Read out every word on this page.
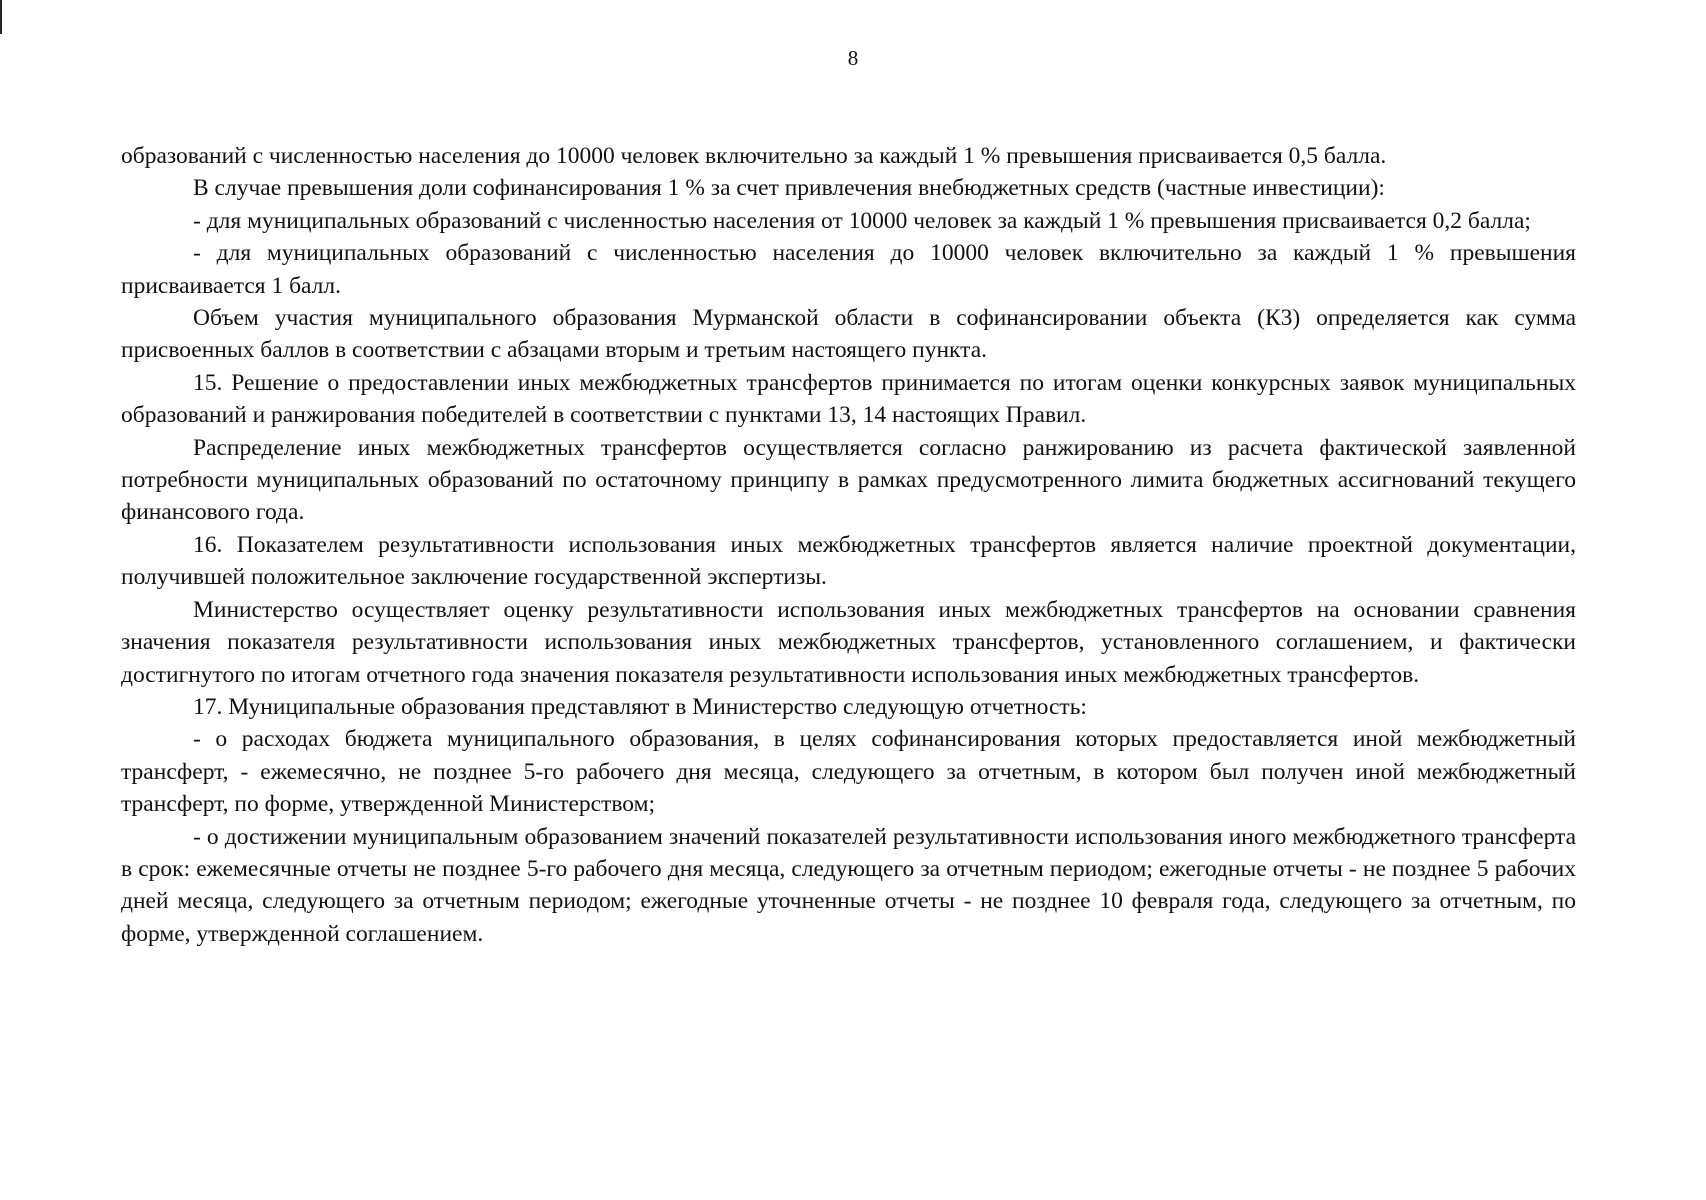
8

образований с численностью населения до 10000 человек включительно за каждый 1 % превышения присваивается 0,5 балла.

В случае превышения доли софинансирования 1 % за счет привлечения внебюджетных средств (частные инвестиции):

- для муниципальных образований с численностью населения от 10000 человек за каждый 1 % превышения присваивается 0,2 балла;

- для муниципальных образований с численностью населения до 10000 человек включительно за каждый 1 % превышения присваивается 1 балл.

Объем участия муниципального образования Мурманской области в софинансировании объекта (К3) определяется как сумма присвоенных баллов в соответствии с абзацами вторым и третьим настоящего пункта.

15. Решение о предоставлении иных межбюджетных трансфертов принимается по итогам оценки конкурсных заявок муниципальных образований и ранжирования победителей в соответствии с пунктами 13, 14 настоящих Правил.

Распределение иных межбюджетных трансфертов осуществляется согласно ранжированию из расчета фактической заявленной потребности муниципальных образований по остаточному принципу в рамках предусмотренного лимита бюджетных ассигнований текущего финансового года.

16. Показателем результативности использования иных межбюджетных трансфертов является наличие проектной документации, получившей положительное заключение государственной экспертизы.

Министерство осуществляет оценку результативности использования иных межбюджетных трансфертов на основании сравнения значения показателя результативности использования иных межбюджетных трансфертов, установленного соглашением, и фактически достигнутого по итогам отчетного года значения показателя результативности использования иных межбюджетных трансфертов.

17. Муниципальные образования представляют в Министерство следующую отчетность:

- о расходах бюджета муниципального образования, в целях софинансирования которых предоставляется иной межбюджетный трансферт, - ежемесячно, не позднее 5-го рабочего дня месяца, следующего за отчетным, в котором был получен иной межбюджетный трансферт, по форме, утвержденной Министерством;

- о достижении муниципальным образованием значений показателей результативности использования иного межбюджетного трансферта в срок: ежемесячные отчеты не позднее 5-го рабочего дня месяца, следующего за отчетным периодом; ежегодные отчеты - не позднее 5 рабочих дней месяца, следующего за отчетным периодом; ежегодные уточненные отчеты - не позднее 10 февраля года, следующего за отчетным, по форме, утвержденной соглашением.
